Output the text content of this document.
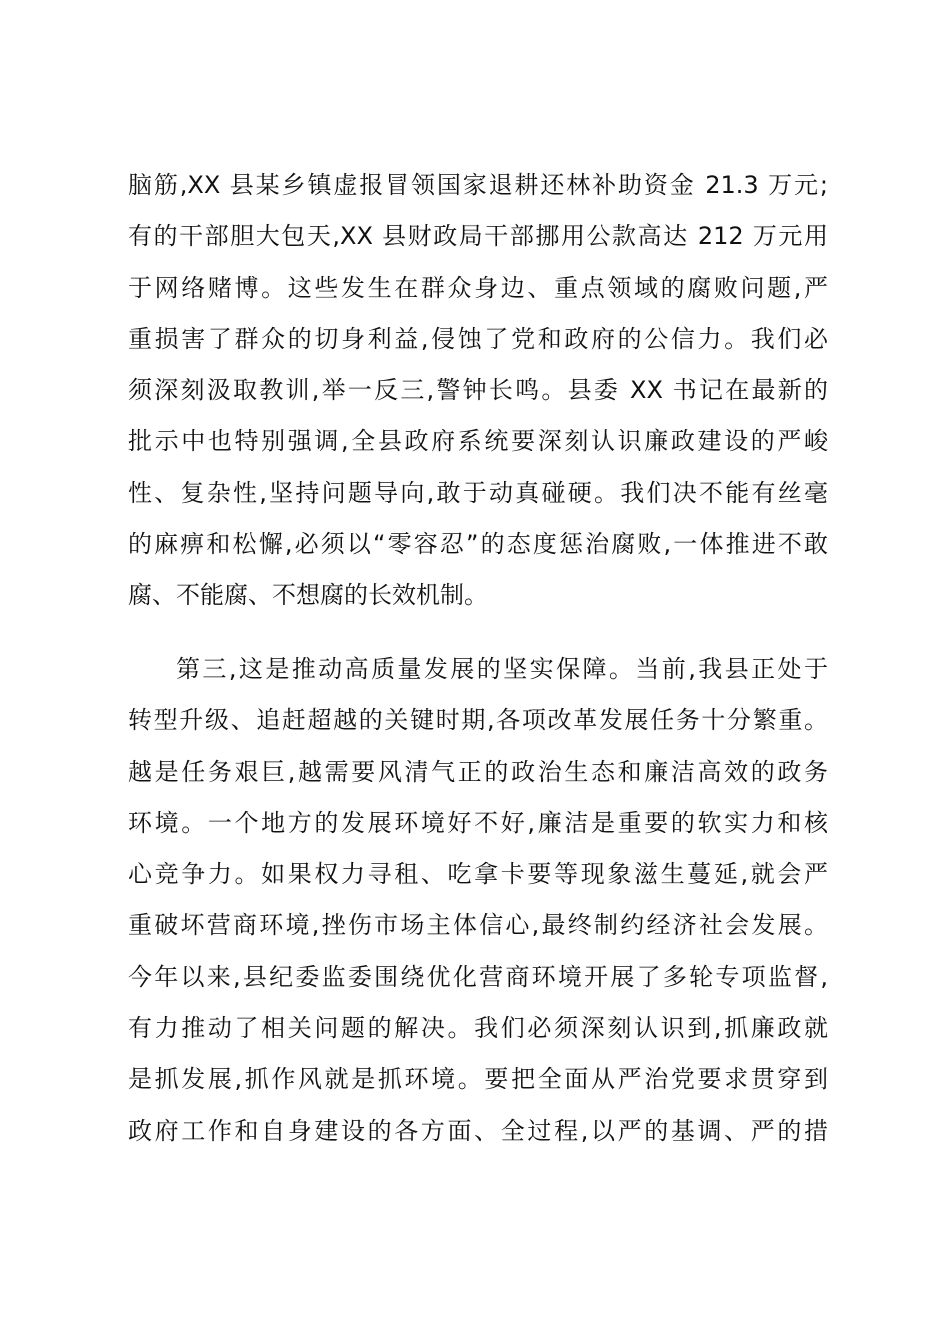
脑筋,XX 县某乡镇虚报冒领国家退耕还林补助资金 21.3 万元;
有的干部胆大包天,XX 县财政局干部挪用公款高达 212 万元用
于网络赌博。这些发生在群众身边、重点领域的腐败问题,严
重损害了群众的切身利益,侵蚀了党和政府的公信力。我们必
须深刻汲取教训,举一反三,警钟长鸣。县委 XX 书记在最新的
批示中也特别强调,全县政府系统要深刻认识廉政建设的严峻
性、复杂性,坚持问题导向,敢于动真碰硬。我们决不能有丝毫
的麻痹和松懈,必须以“零容忍”的态度惩治腐败,一体推进不敢
腐、不能腐、不想腐的长效机制。
第三,这是推动高质量发展的坚实保障。当前,我县正处于
转型升级、追赶超越的关键时期,各项改革发展任务十分繁重。
越是任务艰巨,越需要风清气正的政治生态和廉洁高效的政务
环境。一个地方的发展环境好不好,廉洁是重要的软实力和核
心竞争力。如果权力寻租、吃拿卡要等现象滋生蔓延,就会严
重破坏营商环境,挫伤市场主体信心,最终制约经济社会发展。
今年以来,县纪委监委围绕优化营商环境开展了多轮专项监督,
有力推动了相关问题的解决。我们必须深刻认识到,抓廉政就
是抓发展,抓作风就是抓环境。要把全面从严治党要求贯穿到
政府工作和自身建设的各方面、全过程,以严的基调、严的措
